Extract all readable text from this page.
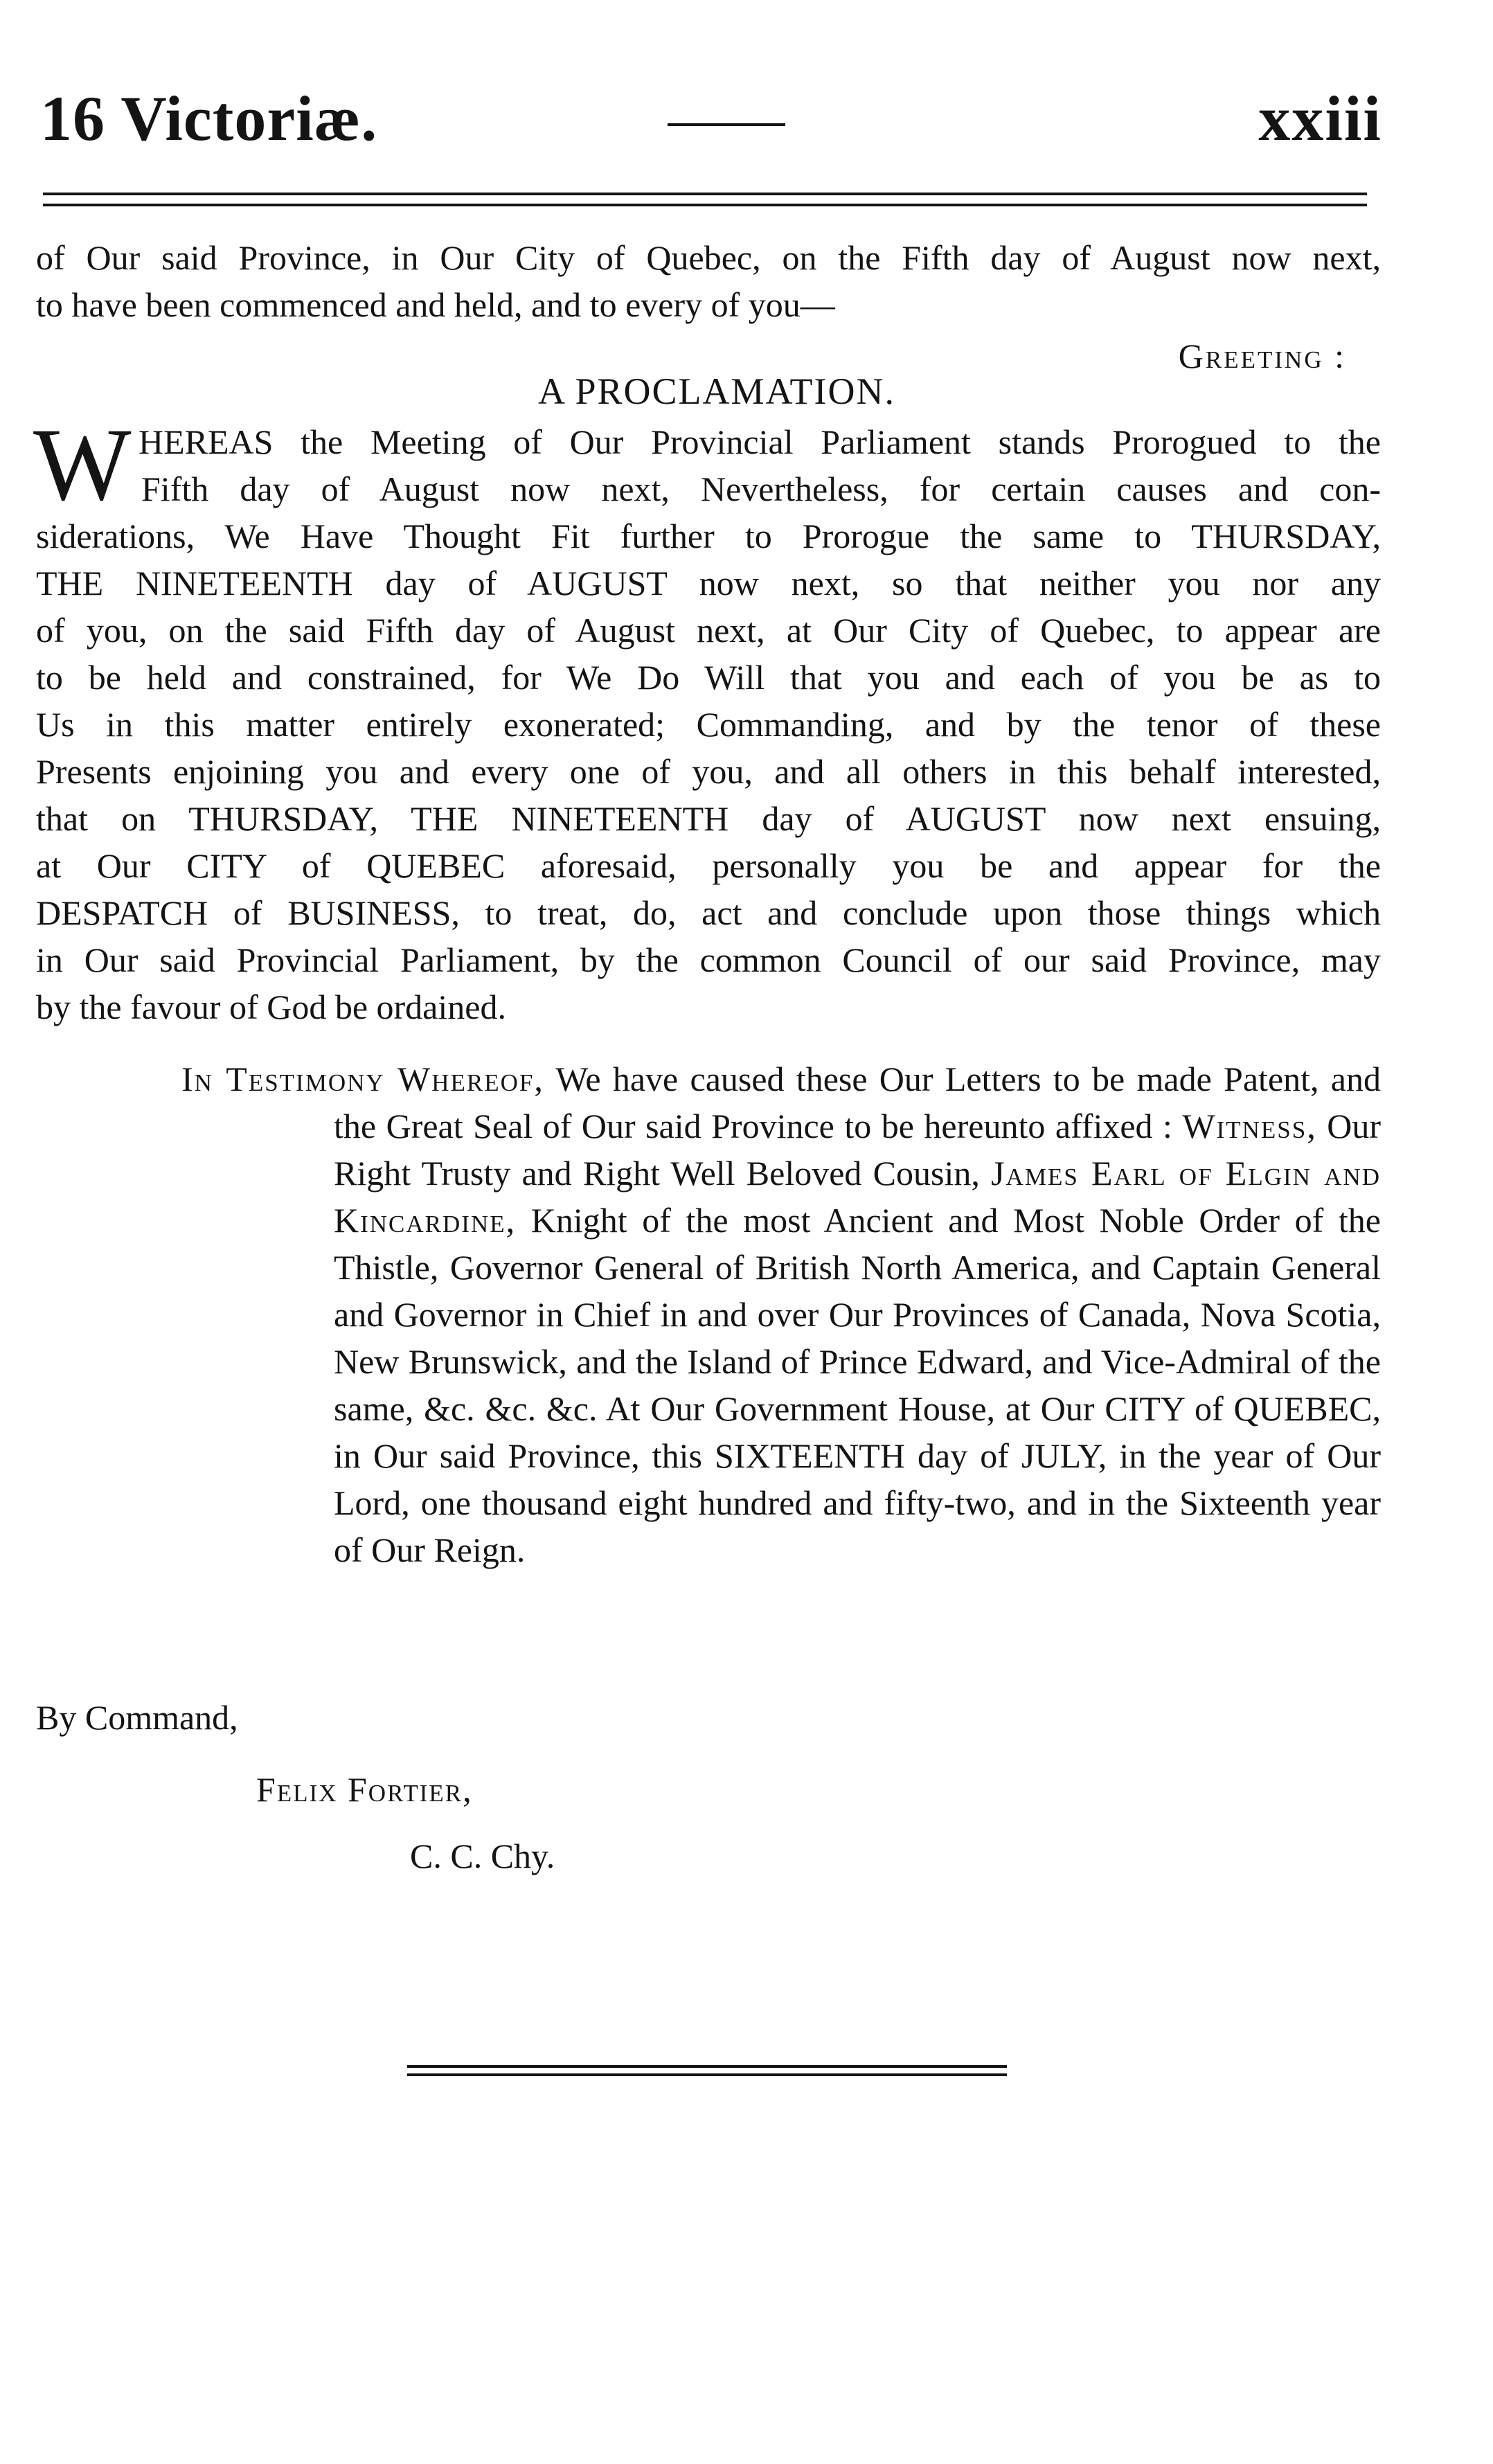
16 Victoriæ.	xxiii
of Our said Province, in Our City of Quebec, on the Fifth day of August now next,
to have been commenced and held, and to every of you—
Greeting :
A PROCLAMATION.
W HEREAS the Meeting of Our Provincial Parliament stands Prorogued to the
Fifth day of August now next, Nevertheless, for certain causes and con-
siderations, We Have Thought Fit further to Prorogue the same to THURSDAY,
THE NINETEENTH day of AUGUST now next, so that neither you nor any
of you, on the said Fifth day of August next, at Our City of Quebec, to appear are
to be held and constrained, for We Do Will that you and each of you be as to
Us in this matter entirely exonerated; Commanding, and by the tenor of these
Presents enjoining you and every one of you, and all others in this behalf interested,
that on THURSDAY, THE NINETEENTH day of AUGUST now next ensuing,
at Our CITY of QUEBEC aforesaid, personally you be and appear for the
DESPATCH of BUSINESS, to treat, do, act and conclude upon those things which
in Our said Provincial Parliament, by the common Council of our said Province, may
by the favour of God be ordained.

In Testimony Whereof, We have caused these Our Letters to be made Patent, and the Great Seal of Our said Province to be hereunto affixed : Witness, Our Right Trusty and Right Well Beloved Cousin, James Earl of Elgin and Kincardine, Knight of the most Ancient and Most Noble Order of the Thistle, Governor General of British North America, and Captain General and Governor in Chief in and over Our Provinces of Canada, Nova Scotia, New Brunswick, and the Island of Prince Edward, and Vice-Admiral of the same, &c. &c. &c. At Our Government House, at Our CITY of QUEBEC, in Our said Province, this SIXTEENTH day of JULY, in the year of Our Lord, one thousand eight hundred and fifty-two, and in the Sixteenth year of Our Reign.

By Command,
Felix Fortier,
C. C. Chy.
